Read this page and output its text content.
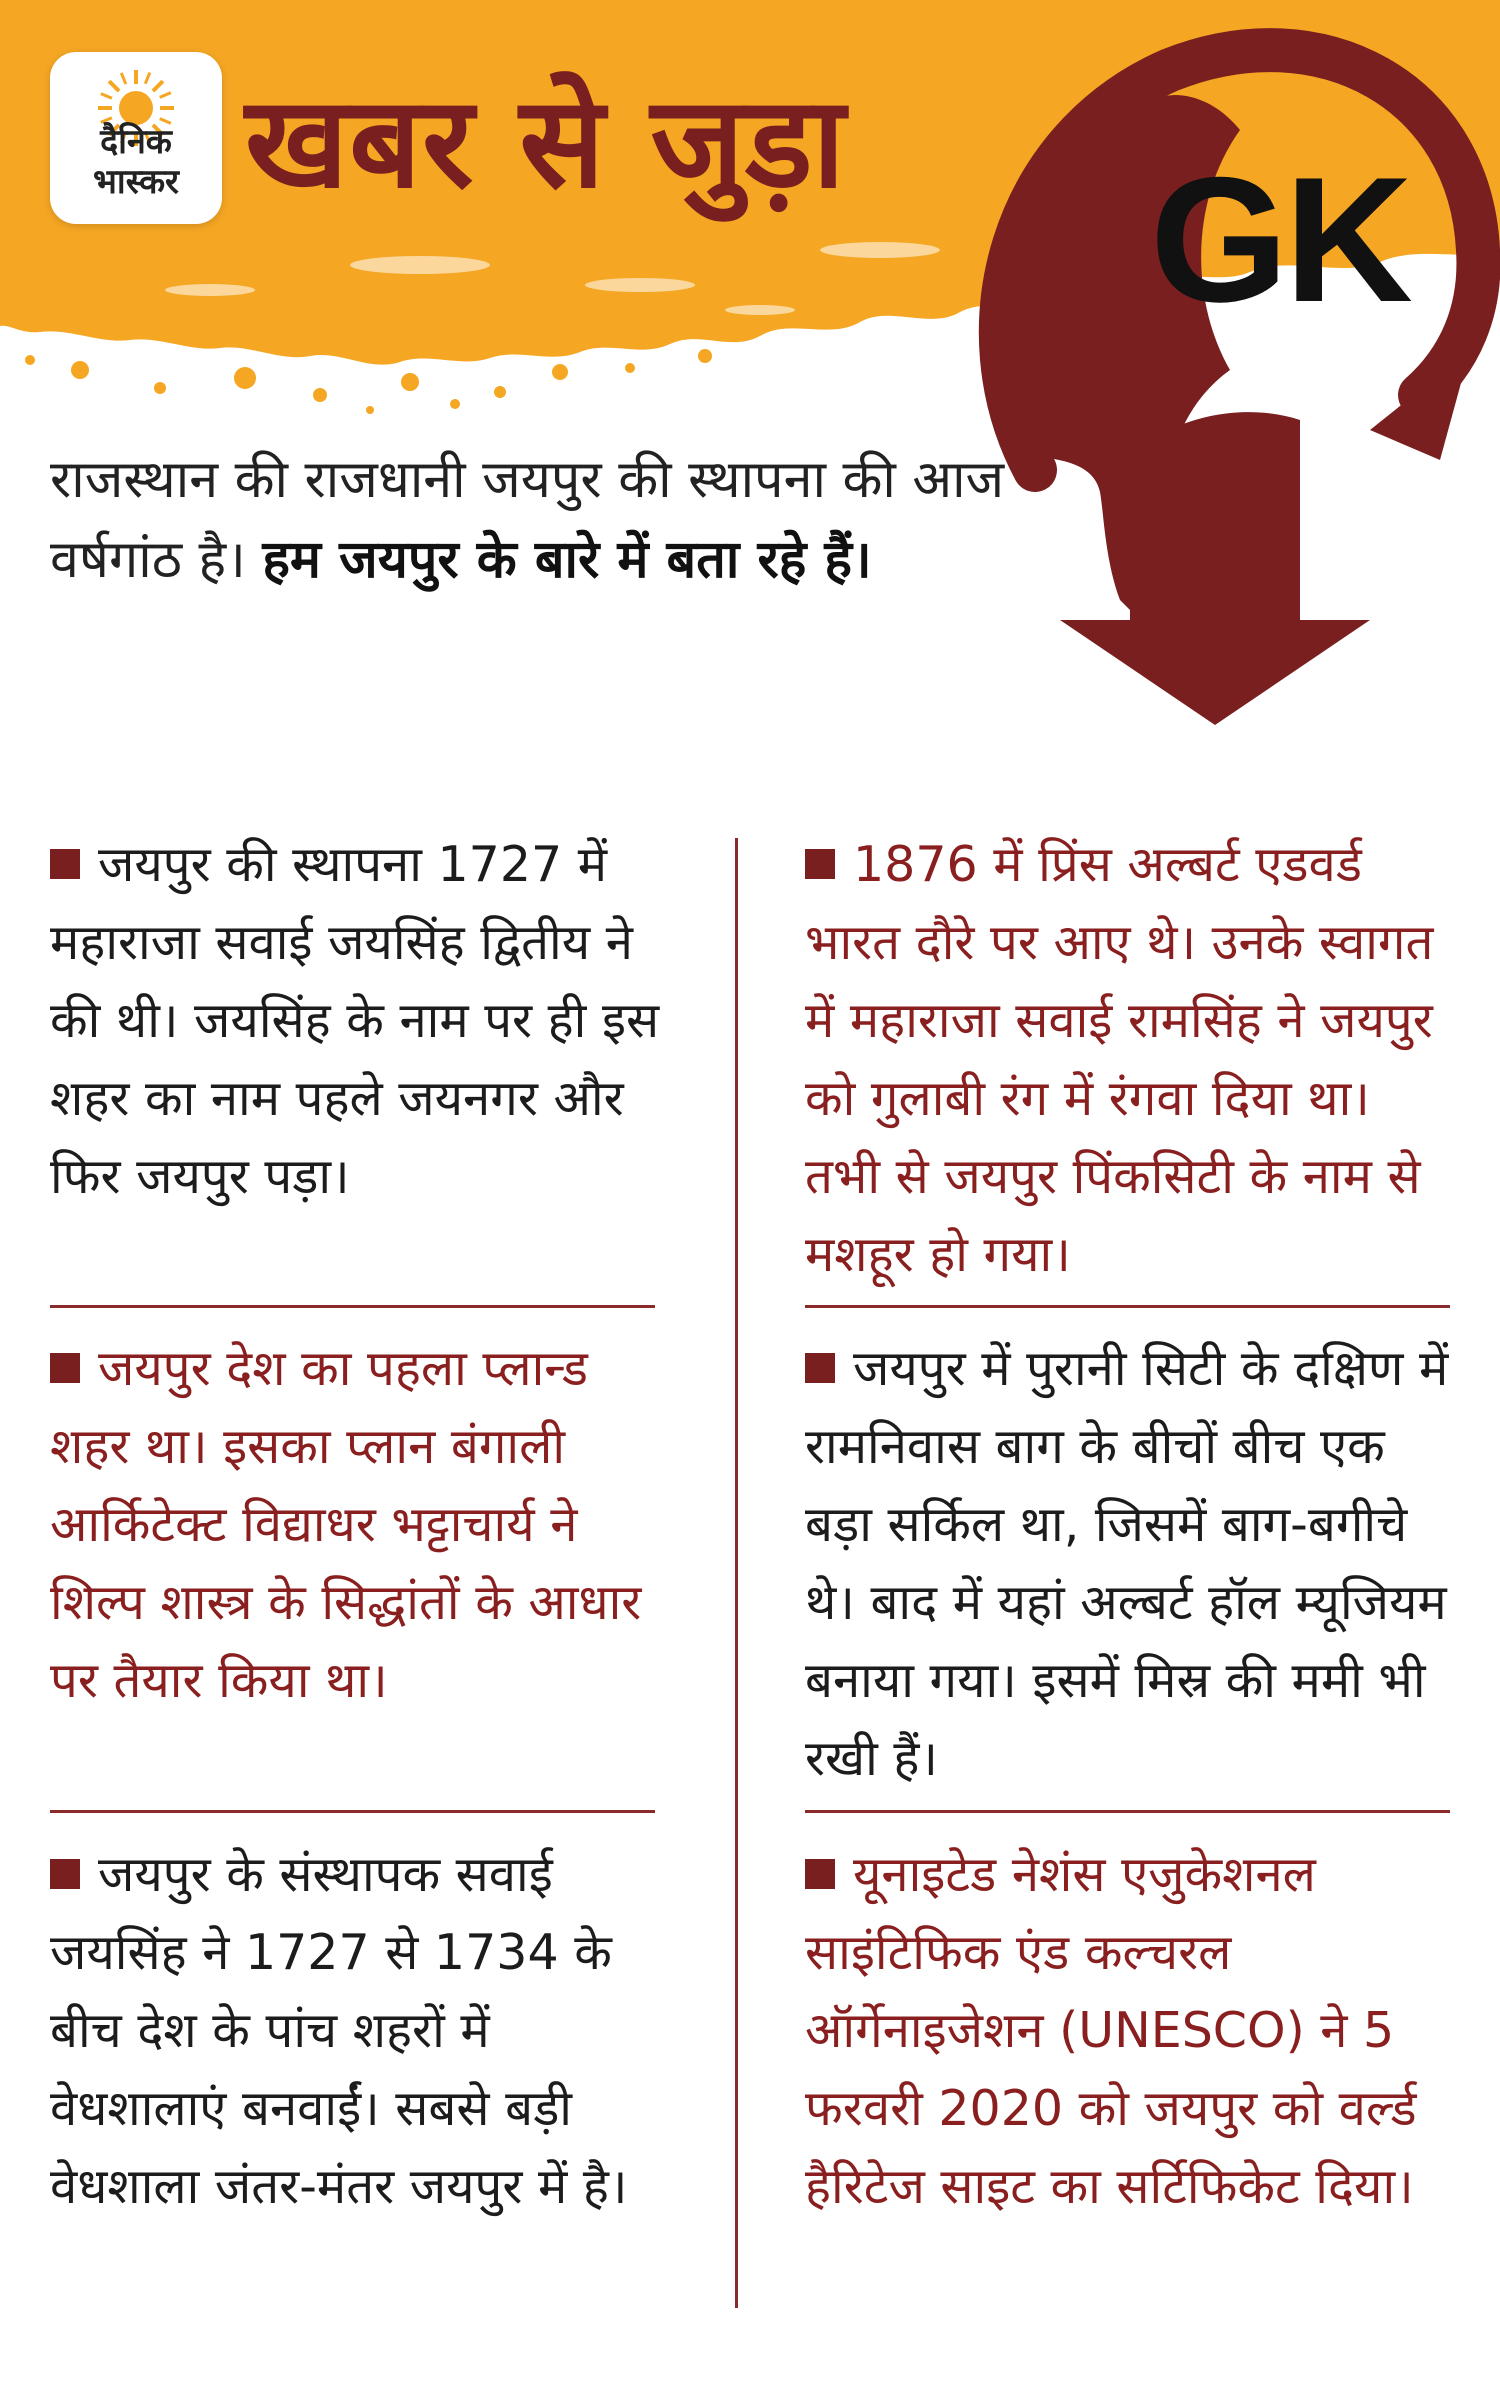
दैनिक
भास्कर खबर से जुड़ा GK

राजस्थान की राजधानी जयपुर की स्थापना की आज वर्षगांठ है। हम जयपुर के बारे में बता रहे हैं।

जयपुर की स्थापना 1727 में महाराजा सवाई जयसिंह द्वितीय ने की थी। जयसिंह के नाम पर ही इस शहर का नाम पहले जयनगर और फिर जयपुर पड़ा।
जयपुर देश का पहला प्लान्ड शहर था। इसका प्लान बंगाली आर्किटेक्ट विद्याधर भट्टाचार्य ने शिल्प शास्त्र के सिद्धांतों के आधार पर तैयार किया था।
जयपुर के संस्थापक सवाई जयसिंह ने 1727 से 1734 के बीच देश के पांच शहरों में वेधशालाएं बनवाईं। सबसे बड़ी वेधशाला जंतर-मंतर जयपुर में है।
1876 में प्रिंस अल्बर्ट एडवर्ड भारत दौरे पर आए थे। उनके स्वागत में महाराजा सवाई रामसिंह ने जयपुर को गुलाबी रंग में रंगवा दिया था। तभी से जयपुर पिंकसिटी के नाम से मशहूर हो गया।
जयपुर में पुरानी सिटी के दक्षिण में रामनिवास बाग के बीचों बीच एक बड़ा सर्किल था, जिसमें बाग-बगीचे थे। बाद में यहां अल्बर्ट हॉल म्यूजियम बनाया गया। इसमें मिस्र की ममी भी रखी हैं।
यूनाइटेड नेशंस एजुकेशनल साइंटिफिक एंड कल्चरल ऑर्गेनाइजेशन (UNESCO) ने 5 फरवरी 2020 को जयपुर को वर्ल्ड हैरिटेज साइट का सर्टिफिकेट दिया।
